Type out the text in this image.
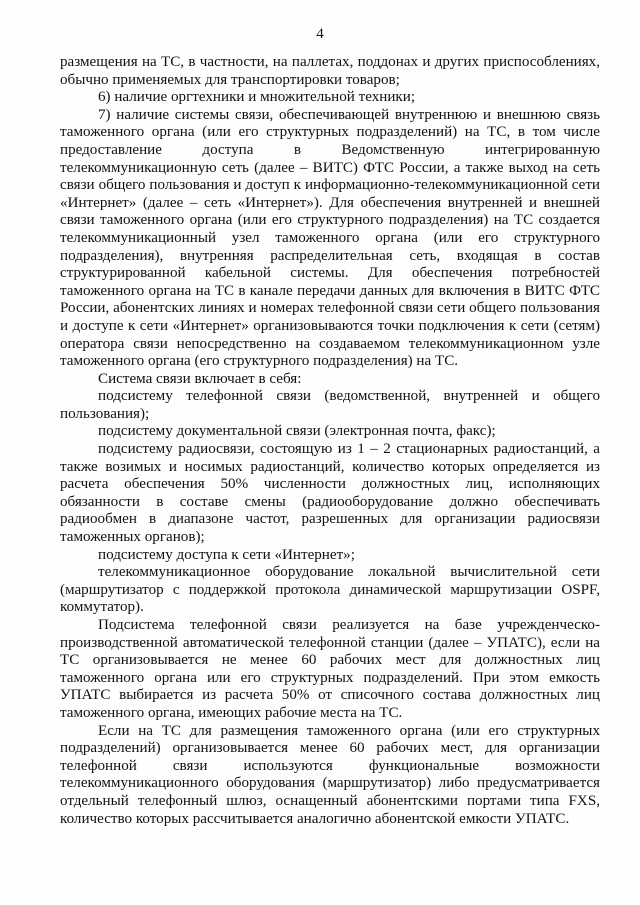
4

размещения на ТС, в частности, на паллетах, поддонах и других приспособлениях, обычно применяемых для транспортировки товаров;

6) наличие оргтехники и множительной техники;

7) наличие системы связи, обеспечивающей внутреннюю и внешнюю связь таможенного органа (или его структурных подразделений) на ТС, в том числе предоставление доступа в Ведомственную интегрированную телекоммуникационную сеть (далее – ВИТС) ФТС России, а также выход на сеть связи общего пользования и доступ к информационно-телекоммуникационной сети «Интернет» (далее – сеть «Интернет»). Для обеспечения внутренней и внешней связи таможенного органа (или его структурного подразделения) на ТС создается телекоммуникационный узел таможенного органа (или его структурного подразделения), внутренняя распределительная сеть, входящая в состав структурированной кабельной системы. Для обеспечения потребностей таможенного органа на ТС в канале передачи данных для включения в ВИТС ФТС России, абонентских линиях и номерах телефонной связи сети общего пользования и доступе к сети «Интернет» организовываются точки подключения к сети (сетям) оператора связи непосредственно на создаваемом телекоммуникационном узле таможенного органа (его структурного подразделения) на ТС.

Система связи включает в себя:

подсистему телефонной связи (ведомственной, внутренней и общего пользования);

подсистему документальной связи (электронная почта, факс);

подсистему радиосвязи, состоящую из 1 – 2 стационарных радиостанций, а также возимых и носимых радиостанций, количество которых определяется из расчета обеспечения 50% численности должностных лиц, исполняющих обязанности в составе смены (радиооборудование должно обеспечивать радиообмен в диапазоне частот, разрешенных для организации радиосвязи таможенных органов);

подсистему доступа к сети «Интернет»;

телекоммуникационное оборудование локальной вычислительной сети (маршрутизатор с поддержкой протокола динамической маршрутизации OSPF, коммутатор).

Подсистема телефонной связи реализуется на базе учрежденческо-производственной автоматической телефонной станции (далее – УПАТС), если на ТС организовывается не менее 60 рабочих мест для должностных лиц таможенного органа или его структурных подразделений. При этом емкость УПАТС выбирается из расчета 50% от списочного состава должностных лиц таможенного органа, имеющих рабочие места на ТС.

Если на ТС для размещения таможенного органа (или его структурных подразделений) организовывается менее 60 рабочих мест, для организации телефонной связи используются функциональные возможности телекоммуникационного оборудования (маршрутизатор) либо предусматривается отдельный телефонный шлюз, оснащенный абонентскими портами типа FXS, количество которых рассчитывается аналогично абонентской емкости УПАТС.
